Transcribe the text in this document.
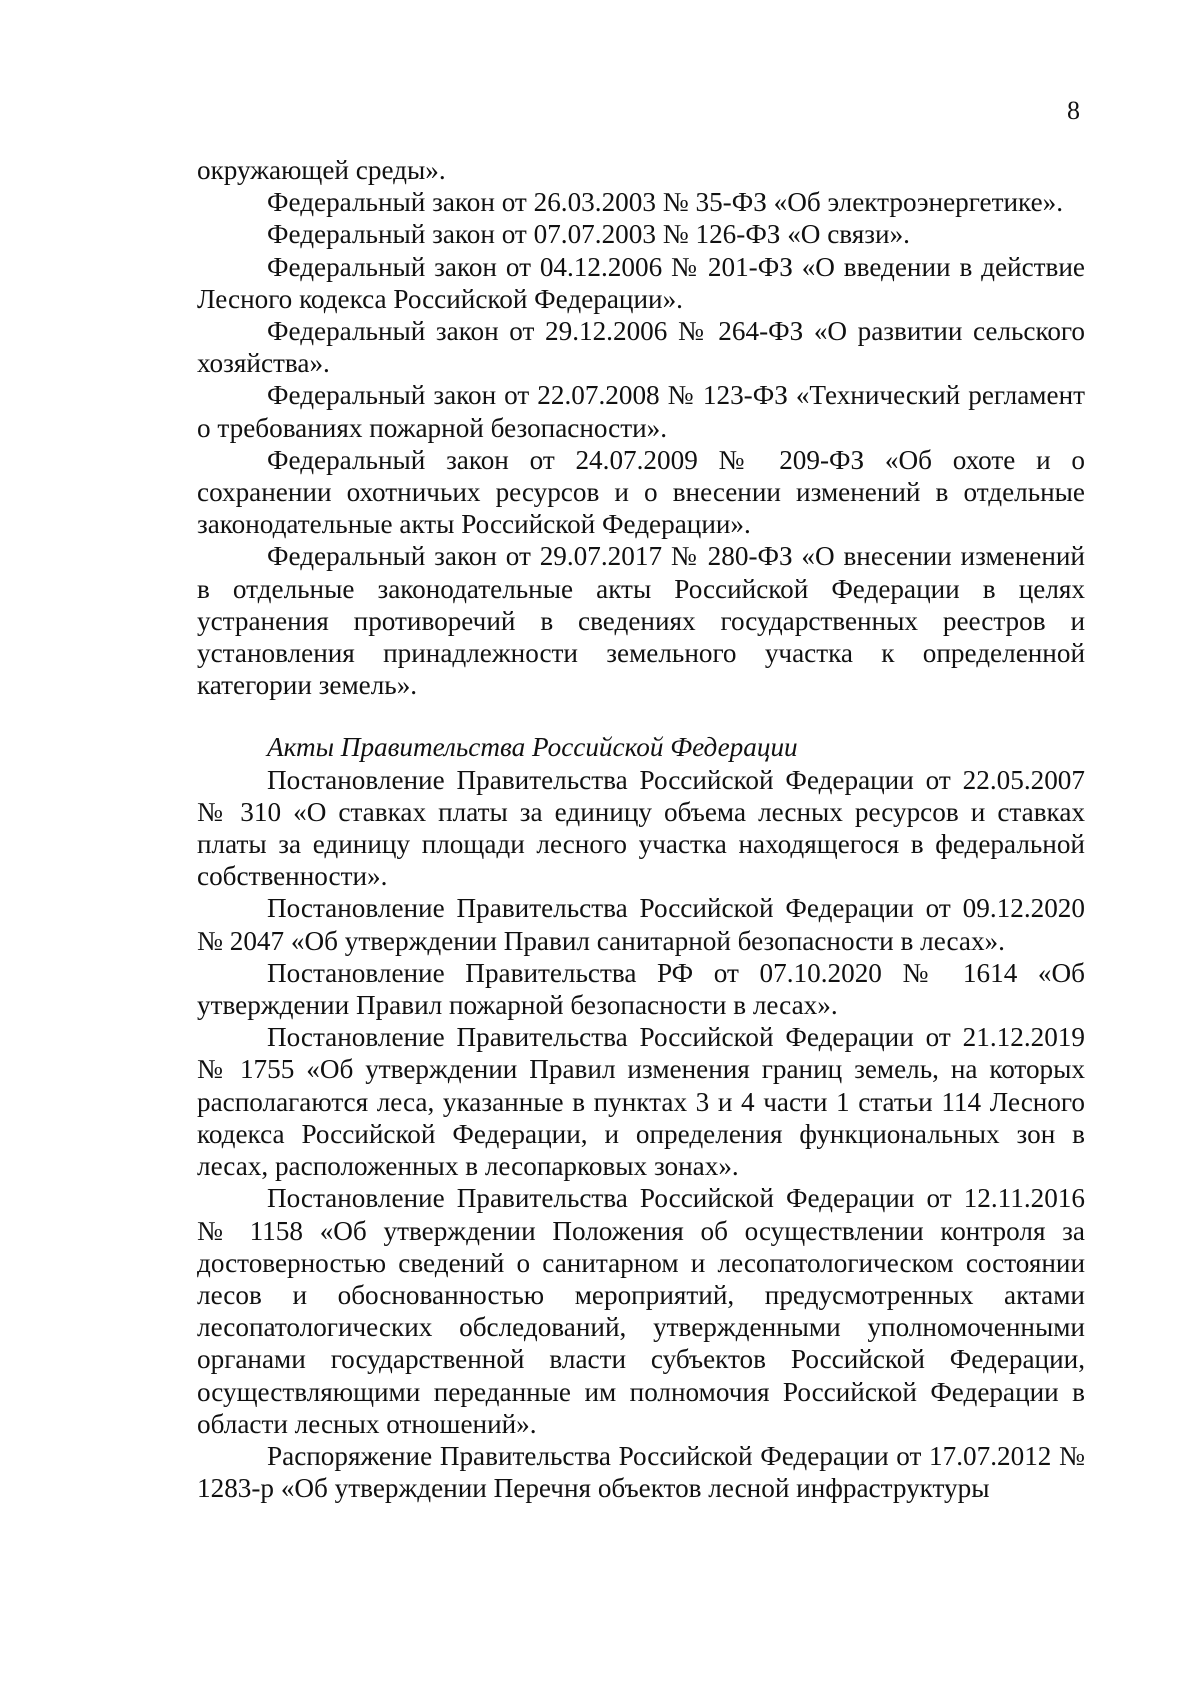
8

окружающей среды».

Федеральный закон от 26.03.2003 № 35-ФЗ «Об электроэнергетике».

Федеральный закон от 07.07.2003 № 126-ФЗ «О связи».

Федеральный закон от 04.12.2006 № 201-ФЗ «О введении в действие Лесного кодекса Российской Федерации».

Федеральный закон от 29.12.2006 № 264-ФЗ «О развитии сельского хозяйства».

Федеральный закон от 22.07.2008 № 123-ФЗ «Технический регламент о требованиях пожарной безопасности».

Федеральный закон от 24.07.2009 № 209-ФЗ «Об охоте и о сохранении охотничьих ресурсов и о внесении изменений в отдельные законодательные акты Российской Федерации».

Федеральный закон от 29.07.2017 № 280-ФЗ «О внесении изменений в отдельные законодательные акты Российской Федерации в целях устранения противоречий в сведениях государственных реестров и установления принадлежности земельного участка к определенной категории земель».

Акты Правительства Российской Федерации

Постановление Правительства Российской Федерации от 22.05.2007 № 310 «О ставках платы за единицу объема лесных ресурсов и ставках платы за единицу площади лесного участка находящегося в федеральной собственности».

Постановление Правительства Российской Федерации от 09.12.2020 № 2047 «Об утверждении Правил санитарной безопасности в лесах».

Постановление Правительства РФ от 07.10.2020 № 1614 «Об утверждении Правил пожарной безопасности в лесах».

Постановление Правительства Российской Федерации от 21.12.2019 № 1755 «Об утверждении Правил изменения границ земель, на которых располагаются леса, указанные в пунктах 3 и 4 части 1 статьи 114 Лесного кодекса Российской Федерации, и определения функциональных зон в лесах, расположенных в лесопарковых зонах».

Постановление Правительства Российской Федерации от 12.11.2016 № 1158 «Об утверждении Положения об осуществлении контроля за достоверностью сведений о санитарном и лесопатологическом состоянии лесов и обоснованностью мероприятий, предусмотренных актами лесопатологических обследований, утвержденными уполномоченными органами государственной власти субъектов Российской Федерации, осуществляющими переданные им полномочия Российской Федерации в области лесных отношений».

Распоряжение Правительства Российской Федерации от 17.07.2012 № 1283-р «Об утверждении Перечня объектов лесной инфраструктуры
